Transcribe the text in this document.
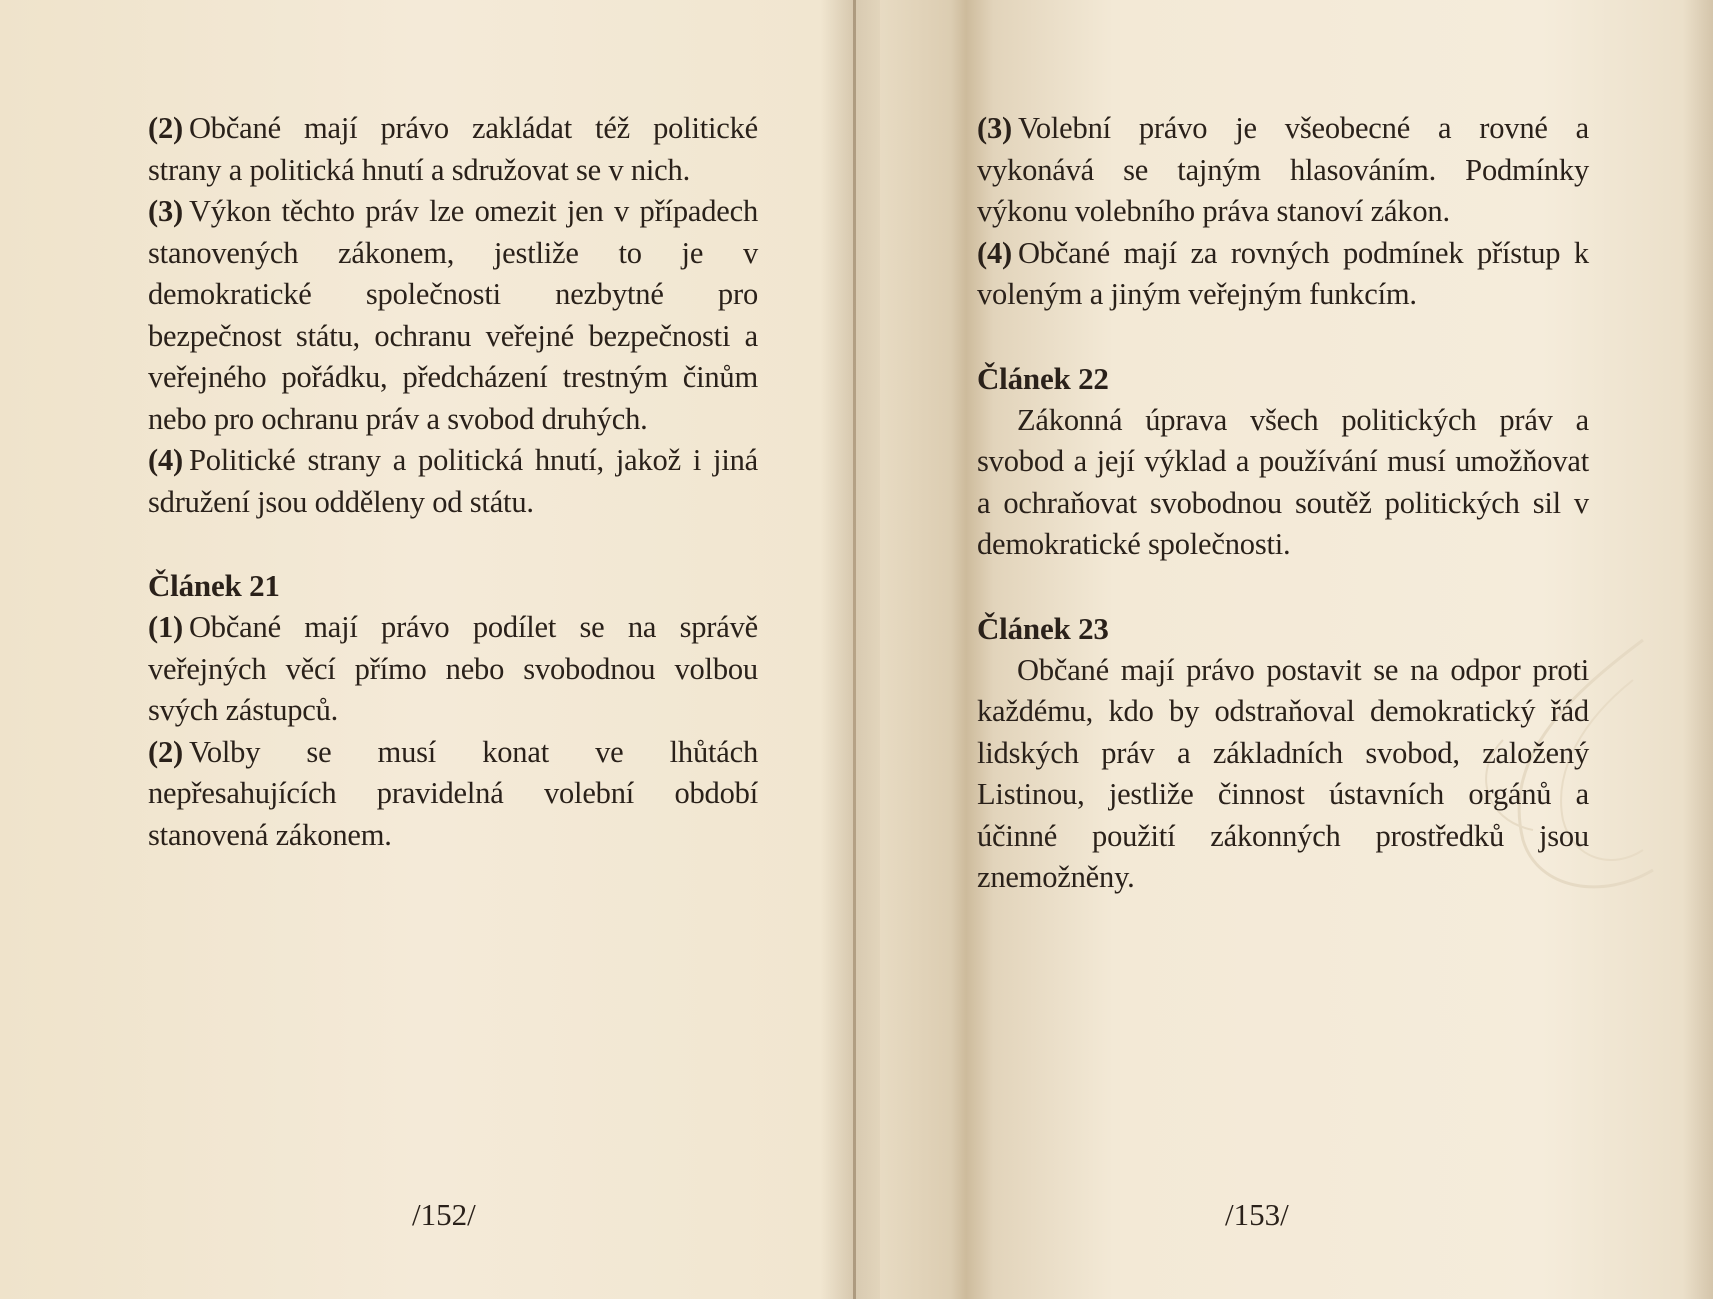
(2) Občané mají právo zakládat též politické strany a politická hnutí a sdružovat se v nich.

(3) Výkon těchto práv lze omezit jen v případech stanovených zákonem, jestliže to je v demokratické společnosti nezbytné pro bezpečnost státu, ochranu veřejné bezpečnosti a veřejného pořádku, předcházení trestným činům nebo pro ochranu práv a svobod druhých.

(4) Politické strany a politická hnutí, jakož i jiná sdružení jsou odděleny od státu.

Článek 21

(1) Občané mají právo podílet se na správě veřejných věcí přímo nebo svobodnou volbou svých zástupců.

(2) Volby se musí konat ve lhůtách nepřesahujících pravidelná volební období stanovená zákonem.

/152/

(3) Volební právo je všeobecné a rovné a vykonává se tajným hlasováním. Podmínky výkonu volebního práva stanoví zákon.

(4) Občané mají za rovných podmínek přístup k voleným a jiným veřejným funkcím.

Článek 22

Zákonná úprava všech politických práv a svobod a její výklad a používání musí umožňovat a ochraňovat svobodnou soutěž politických sil v demokratické společnosti.

Článek 23

Občané mají právo postavit se na odpor proti každému, kdo by odstraňoval demokratický řád lidských práv a základních svobod, založený Listinou, jestliže činnost ústavních orgánů a účinné použití zákonných prostředků jsou znemožněny.

/153/
